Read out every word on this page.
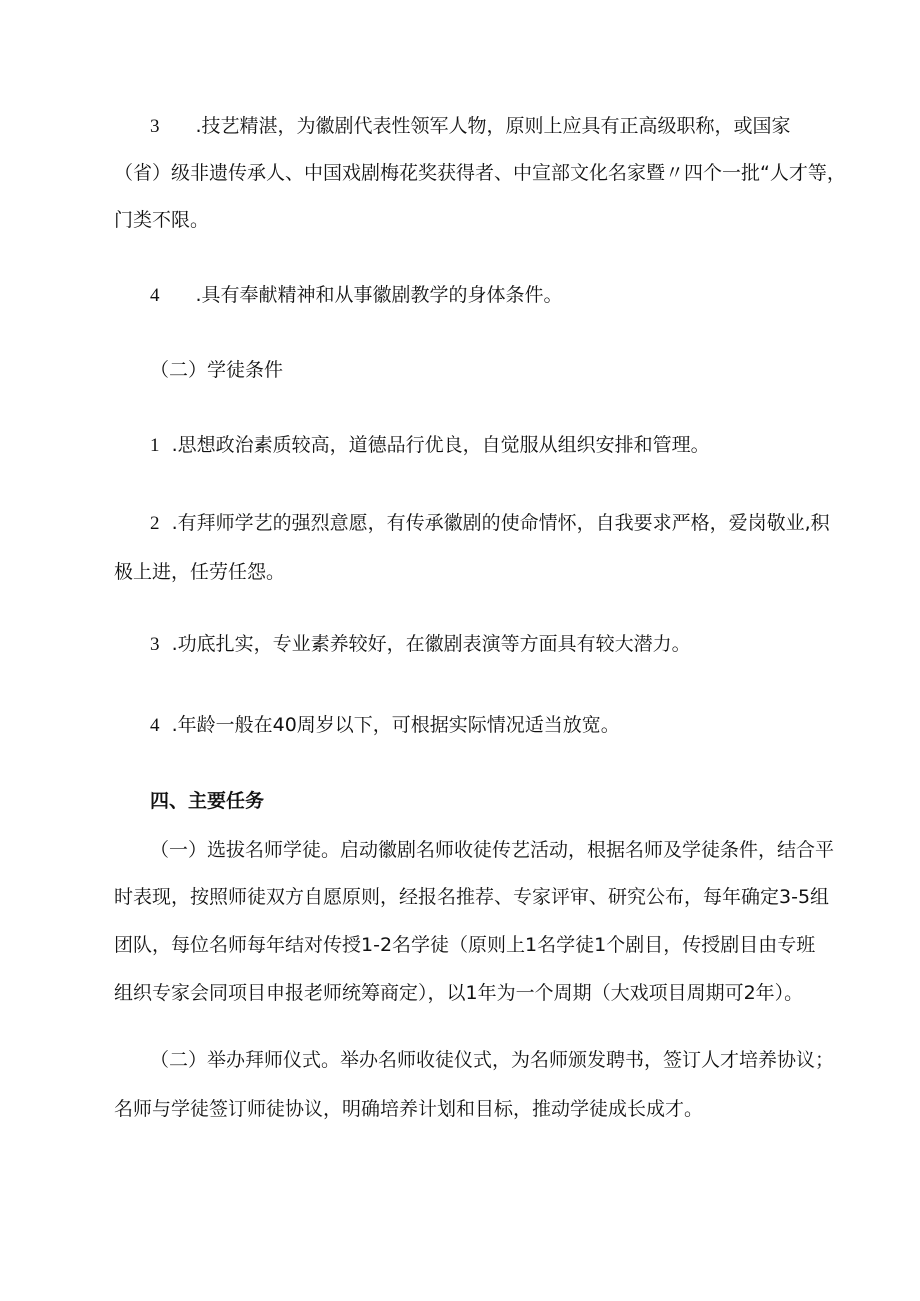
3 .技艺精湛，为徽剧代表性领军人物，原则上应具有正高级职称，或国家
（省）级非遗传承人、中国戏剧梅花奖获得者、中宣部文化名家暨〃四个一批“人才等，
门类不限。
4 .具有奉献精神和从事徽剧教学的身体条件。
（二）学徒条件
1 .思想政治素质较高，道德品行优良，自觉服从组织安排和管理。
2 .有拜师学艺的强烈意愿，有传承徽剧的使命情怀，自我要求严格，爱岗敬业,积
极上进，任劳任怨。
3 .功底扎实，专业素养较好，在徽剧表演等方面具有较大潜力。
4 .年龄一般在40周岁以下，可根据实际情况适当放宽。
四、主要任务
（一）选拔名师学徒。启动徽剧名师收徒传艺活动，根据名师及学徒条件，结合平
时表现，按照师徒双方自愿原则，经报名推荐、专家评审、研究公布，每年确定3-5组
团队，每位名师每年结对传授1-2名学徒（原则上1名学徒1个剧目，传授剧目由专班
组织专家会同项目申报老师统筹商定），以1年为一个周期（大戏项目周期可2年）。
（二）举办拜师仪式。举办名师收徒仪式，为名师颁发聘书，签订人才培养协议；
名师与学徒签订师徒协议，明确培养计划和目标，推动学徒成长成才。
